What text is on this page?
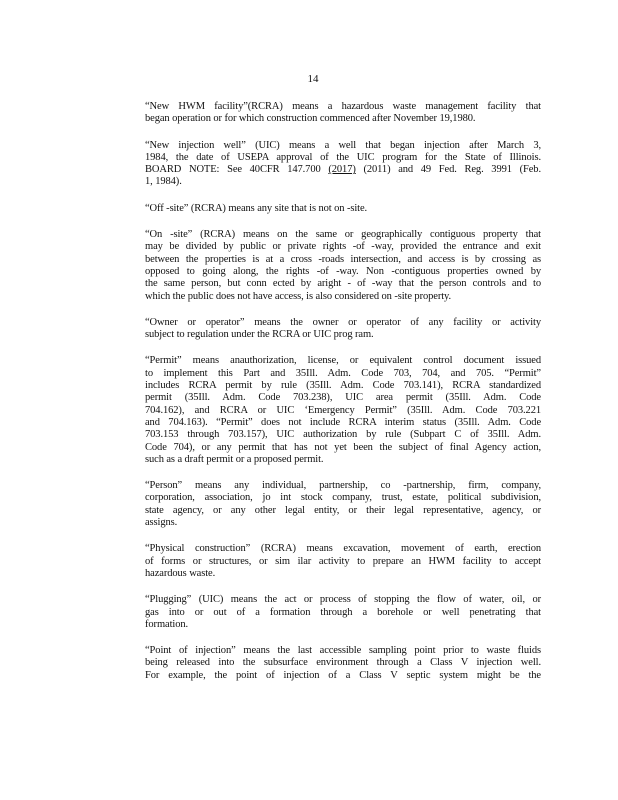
14
“New HWM facility”(RCRA) means a hazardous waste management facility that
began operation or for which construction commenced after November 19,1980.
“New injection well” (UIC) means a well that began injection after March 3,
1984, the date of USEPA approval of the UIC program for the State of Illinois.
BOARD NOTE: See 40CFR 147.700 (2017) (2011) and 49 Fed. Reg. 3991 (Feb.
1, 1984).
“Off -site” (RCRA) means any site that is not on -site.
“On -site” (RCRA) means on the same or geographically contiguous property that
may be divided by public or private rights -of -way, provided the entrance and exit
between the properties is at a cross -roads intersection, and access is by crossing as
opposed to going along, the rights -of -way. Non -contiguous properties owned by
the same person, but conn ected by aright - of -way that the person controls and to
which the public does not have access, is also considered on -site property.
“Owner or operator” means the owner or operator of any facility or activity
subject to regulation under the RCRA or UIC prog ram.
“Permit” means anauthorization, license, or equivalent control document issued
to implement this Part and 35Ill. Adm. Code 703, 704, and 705. “Permit”
includes RCRA permit by rule (35Ill. Adm. Code 703.141), RCRA standardized
permit (35Ill. Adm. Code 703.238), UIC area permit (35Ill. Adm. Code
704.162), and RCRA or UIC ‘Emergency Permit” (35Ill. Adm. Code 703.221
and 704.163). “Permit” does not include RCRA interim status (35Ill. Adm. Code
703.153 through 703.157), UIC authorization by rule (Subpart C of 35Ill. Adm.
Code 704), or any permit that has not yet been the subject of final Agency action,
such as a draft permit or a proposed permit.
“Person” means any individual, partnership, co -partnership, firm, company,
corporation, association, jo int stock company, trust, estate, political subdivision,
state agency, or any other legal entity, or their legal representative, agency, or
assigns.
“Physical construction” (RCRA) means excavation, movement of earth, erection
of forms or structures, or sim ilar activity to prepare an HWM facility to accept
hazardous waste.
“Plugging” (UIC) means the act or process of stopping the flow of water, oil, or
gas into or out of a formation through a borehole or well penetrating that
formation.
“Point of injection” means the last accessible sampling point prior to waste fluids
being released into the subsurface environment through a Class V injection well.
For example, the point of injection of a Class V septic system might be the
